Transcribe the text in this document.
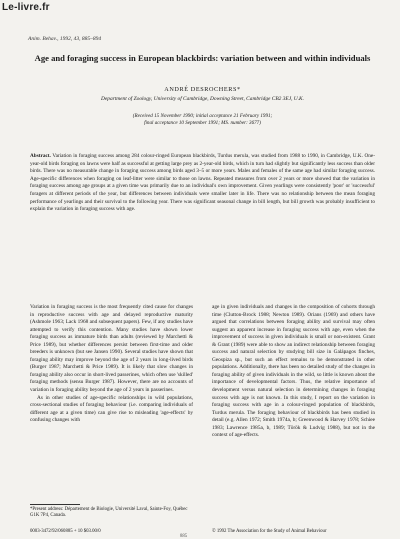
Le-livre.fr
Anim. Behav., 1992, 43, 885–894
Age and foraging success in European blackbirds: variation between and within individuals
ANDRÉ DESROCHERS*
Department of Zoology, University of Cambridge, Downing Street, Cambridge CB2 3EJ, U.K.
(Received 15 November 1990; initial acceptance 21 February 1991;
final acceptance 10 September 1991; MS. number: 3677)
Abstract. Variation in foraging success among 284 colour-ringed European blackbirds, Turdus merula, was studied from 1988 to 1990, in Cambridge, U.K. One-year-old birds foraging on lawns were half as successful at getting large prey as 2-year-old birds, which in turn had slightly but significantly less success than older birds. There was no measurable change in foraging success among birds aged 3–5 or more years. Males and females of the same age had similar foraging success. Age-specific differences when foraging on leaf-litter were similar to those on lawns. Repeated measures from over 2 years or more showed that the variation in foraging success among age groups at a given time was primarily due to an individual's own improvement. Given yearlings were consistently 'poor' or 'successful' foragers at different periods of the year, but differences between individuals were smaller later in life. There was no relationship between the mean foraging performance of yearlings and their survival to the following year. There was significant seasonal change in bill length, but bill growth was probably insufficient to explain the variation in foraging success with age.

Variation in foraging success is the most frequently cited cause for changes in reproductive success with age and delayed reproductive maturity (Ashmole 1963; Lack 1968 and subsequent papers). Few, if any studies have attempted to verify this contention. Many studies have shown lower foraging success as immature birds than adults (reviewed by Marchetti & Price 1989), but whether differences persist between first-time and older breeders is unknown (but see Jansen 1990). Several studies have shown that foraging ability may improve beyond the age of 2 years in long-lived birds (Burger 1987; Marchetti & Price 1989). It is likely that slow changes in foraging ability also occur in short-lived passerines, which often use 'skilled' foraging methods (sensu Burger 1987). However, there are no accounts of variation in foraging ability beyond the age of 2 years in passerines.

As in other studies of age-specific relationships in wild populations, cross-sectional studies of foraging behaviour (i.e. comparing individuals of different age at a given time) can give rise to misleading 'age-effects' by confusing changes with

age in given individuals and changes in the composition of cohorts through time (Clutton-Brock 1988; Newton 1989). Orians (1969) and others have argued that correlations between foraging ability and survival may often suggest an apparent increase in foraging success with age, even when the improvement of success in given individuals is small or non-existent. Grant & Grant (1989) were able to show an indirect relationship between foraging success and natural selection by studying bill size in Galápagos finches, Geospiza sp., but such an effect remains to be demonstrated in other populations. Additionally, there has been no detailed study of the changes in foraging ability of given individuals in the wild, so little is known about the importance of developmental factors. Thus, the relative importance of development versus natural selection in determining changes in foraging success with age is not known. In this study, I report on the variation in foraging success with age in a colour-ringed population of blackbirds, Turdus merula. The foraging behaviour of blackbirds has been studied in detail (e.g. Allen 1972; Smith 1974a, b; Greenwood & Harvey 1978; Schiee 1983; Lawrence 1985a, b, 1989; Török & Ludvig 1988), but not in the context of age-effects.

*Present address: Département de Biologie, Université Laval, Sainte-Foy, Québec G1K 7P4, Canada.
0003-3472/92/060885 + 10 $03.00/0	© 1992 The Association for the Study of Animal Behaviour
885
